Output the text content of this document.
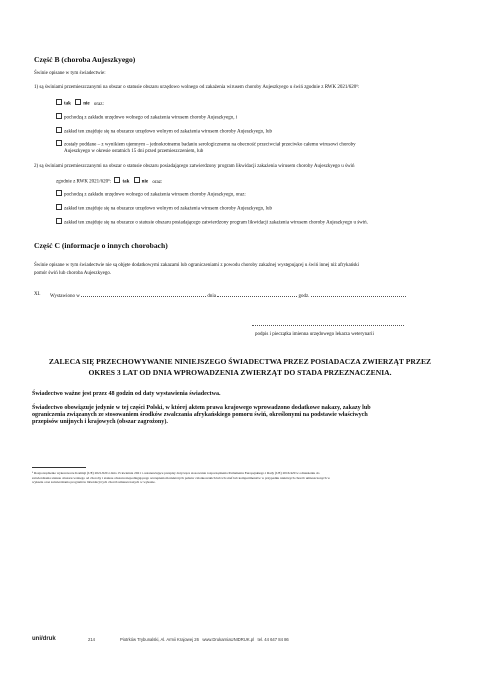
Część B (choroba Aujeszkyego)
Świnie opisane w tym świadectwie:
1) są świniami przemieszczanymi na obszar o statusie obszaru urzędowo wolnego od zakażenia wirusem choroby Aujeszkyego u świń zgodnie z RWK 2021/620⁶:
tak nie oraz:
pochodzą z zakładu urzędowo wolnego od zakażenia wirusem choroby Aujeszkyego, i
zakład ten znajduje się na obszarze urzędowo wolnym od zakażenia wirusem choroby Aujeszkyego, lub
zostały poddane – z wynikiem ujemnym – jednokrotnemu badaniu serologicznemu na obecność przeciwciał przeciwko całemu wirusowi choroby
Aujeszkyego w okresie ostatnich 15 dni przed przemieszczeniem, lub
2) są świniami przemieszczanymi na obszar o statusie obszaru posiadającego zatwierdzony program likwidacji zakażenia wirusem choroby Aujeszkyego u świń
zgodnie z RWK 2021/620⁶: tak nie oraz:
pochodzą z zakładu urzędowo wolnego od zakażenia wirusem choroby Aujeszkyego, oraz:
zakład ten znajduje się na obszarze urzędowo wolnym od zakażenia wirusem choroby Aujeszkyego, lub
zakład ten znajduje się na obszarze o statusie obszaru posiadającego zatwierdzony program likwidacji zakażenia wirusem choroby Aujeszkyego u świń.
Część C (informacje o innych chorobach)
Świnie opisane w tym świadectwie nie są objęte dodatkowymi zakazami lub ograniczeniami z powodu choroby zakaźnej występującej u świń innej niż afrykański
pomór świń lub choroba Aujeszkyego.
XI. Wystawiono w	dnia	godz.
podpis i pieczątka imienna urzędowego lekarza weterynarii
ZALECA SIĘ PRZECHOWYWANIE NINIEJSZEGO ŚWIADECTWA PRZEZ POSIADACZA ZWIERZĄT PRZEZ
OKRES 3 LAT OD DNIA WPROWADZENIA ZWIERZĄT DO STADA PRZEZNACZENIA.
Świadectwo ważne jest przez 48 godzin od daty wystawienia świadectwa.
Świadectwo obowiązuje jedynie w tej części Polski, w której aktem prawa krajowego wprowadzono dodatkowe nakazy, zakazy lub
ograniczenia związanych ze stosowaniem środków zwalczania afrykańskiego pomoru świń, określonymi na podstawie właściwych
przepisów unijnych i krajowych (obszar zagrożony).
⁶ Rozporządzenie wykonawcze Komisji (UE) 2021/620 z dnia 15 kwietnia 2021 r. ustanawiające przepisy dotyczące stosowania rozporządzenia Parlamentu Europejskiego i Rady (UE) 2016/429 w odniesieniu do
zatwierdzania statusu obszaru wolnego od choroby i statusu obszaru niepodlegającego szczepieniom niektórych państw członkowskich lub ich stref lub kompartmentów w przypadku niektórych chorób umieszczonych w
wykazie oraz zatwierdzania programów likwidacji tych chorób umieszczonych w wykazie.
uni/druk	214	Piotrków Trybunalski, Al. Armii Krajowej 26   www.DrukarniaUNIDRUK.pl   tel. 44 647 84 86
